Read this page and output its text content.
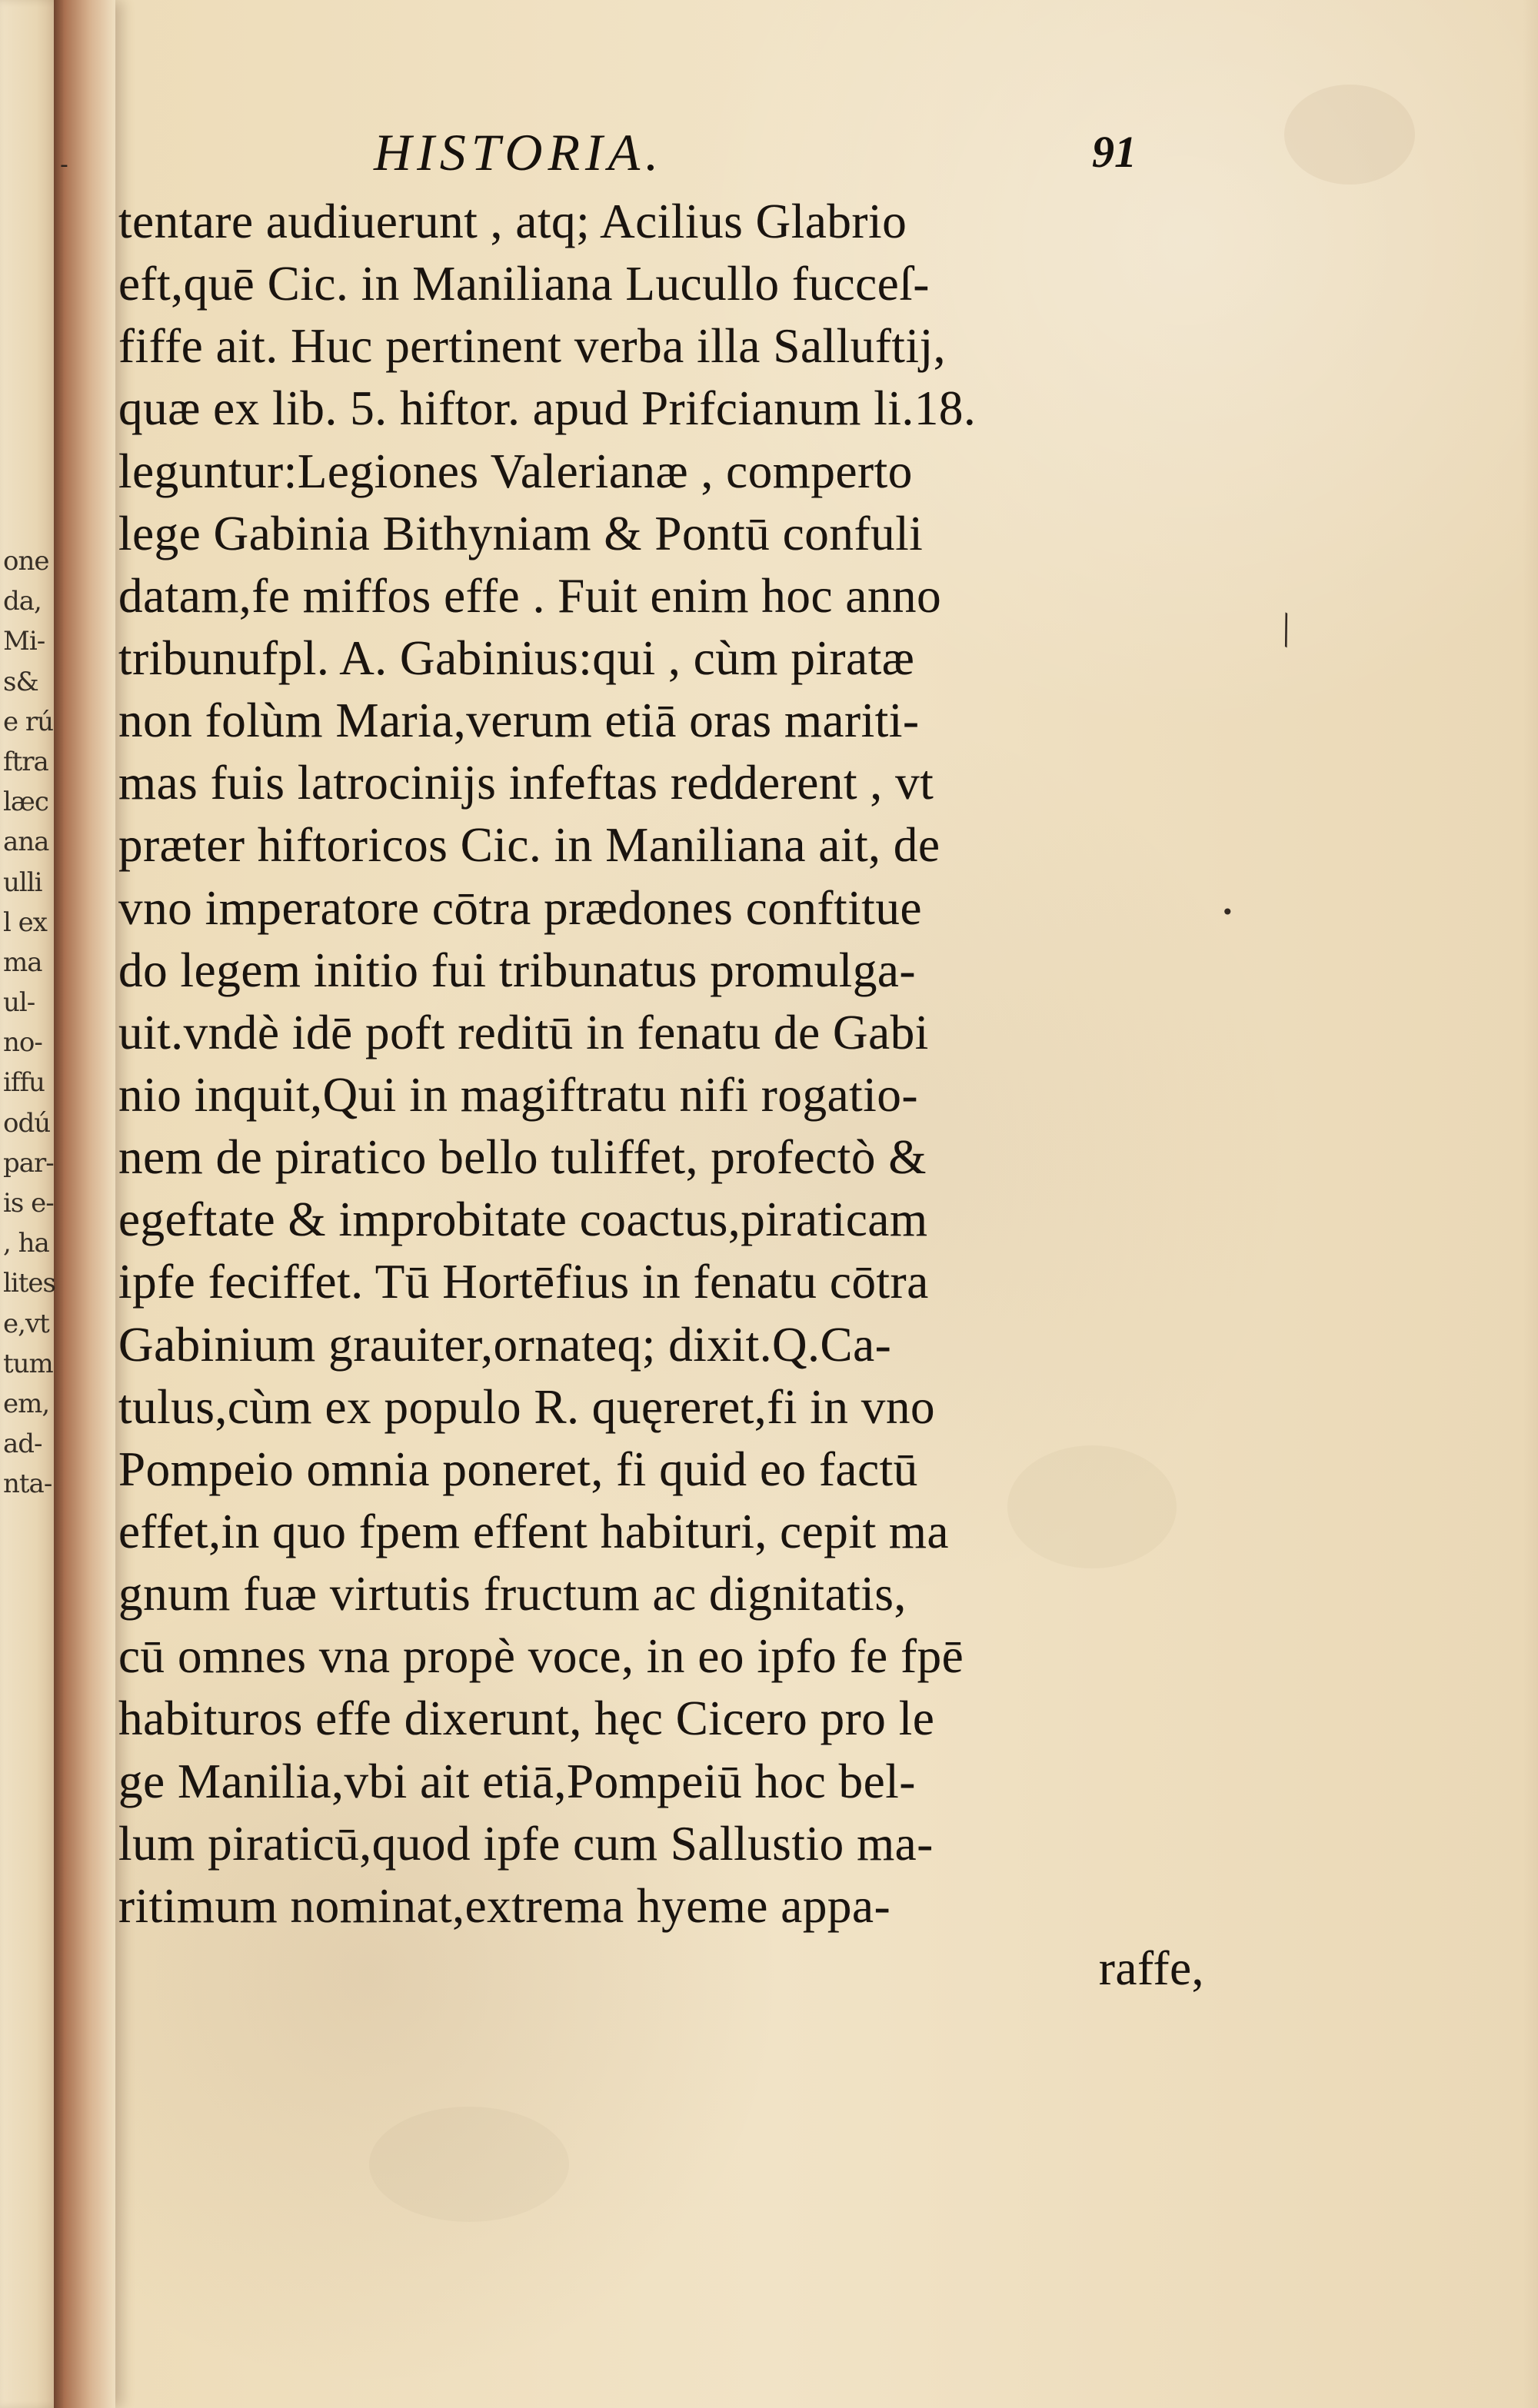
-
one
da,
Mi-
s&
e rú
ftra
læc
ana
ulli
l ex
ma
ul-
no-
iffu
odú
par-
is e-
, ha
lites
e,vt
tum
em,
ad-
nta-
HISTORIA.	91
tentare audiuerunt , atq; Acilius Glabrio
eft,quē Cic. in Maniliana Lucullo fucceſ-
fiffe ait. Huc pertinent verba illa Salluftij,
quæ ex lib. 5. hiftor. apud Prifcianum li.18.
leguntur:Legiones Valerianæ , comperto
lege Gabinia Bithyniam & Pontū confuli
datam,fe miffos effe . Fuit enim hoc anno
tribunufpl. A. Gabinius:qui , cùm piratæ
non folùm Maria,verum etiā oras mariti-
mas fuis latrocinijs infeftas redderent , vt
præter hiftoricos Cic. in Maniliana ait, de
vno imperatore cōtra prædones conftitue
do legem initio fui tribunatus promulga-
uit.vndè idē poft reditū in fenatu de Gabi
nio inquit,Qui in magiftratu nifi rogatio-
nem de piratico bello tuliffet, profectò &
egeftate & improbitate coactus,piraticam
ipfe feciffet. Tū Hortēfius in fenatu cōtra
Gabinium grauiter,ornateq; dixit.Q.Ca-
tulus,cùm ex populo R. quęreret,fi in vno
Pompeio omnia poneret, fi quid eo factū
effet,in quo fpem effent habituri, cepit ma
gnum fuæ virtutis fructum ac dignitatis,
cū omnes vna propè voce, in eo ipfo fe fpē
habituros effe dixerunt, hęc Cicero pro le
ge Manilia,vbi ait etiā,Pompeiū hoc bel-
lum piraticū,quod ipfe cum Sallustio ma-
ritimum nominat,extrema hyeme appa-
raffe,
╲
•
